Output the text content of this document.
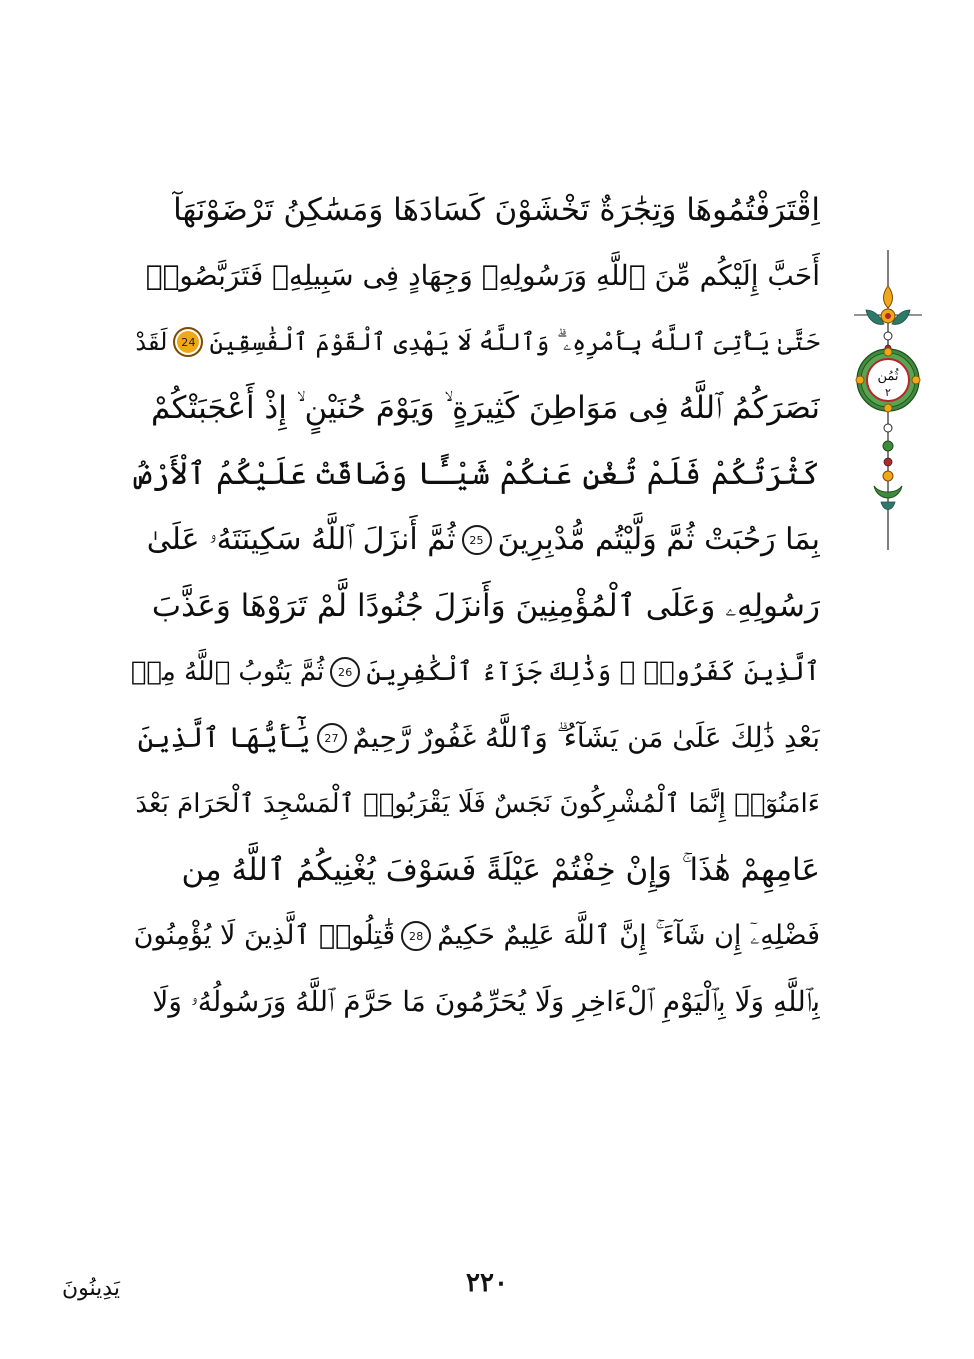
اِقْتَرَفْتُمُوهَا وَتِجَٰرَةٌ تَخْشَوْنَ كَسَادَهَا وَمَسَٰكِنُ تَرْضَوْنَهَآ
أَحَبَّ إِلَيْكُم مِّنَ ٱللَّهِ وَرَسُولِهِۦ وَجِهَادٍ فِى سَبِيلِهِۦ فَتَرَبَّصُوا۟
حَتَّىٰ يَأْتِىَ ٱللَّهُ بِأَمْرِهِۦ ۗ وَٱللَّهُ لَا يَهْدِى ٱلْقَوْمَ ٱلْفَٰسِقِينَ
24
لَقَدْ
نَصَرَكُمُ ٱللَّهُ فِى مَوَاطِنَ كَثِيرَةٍ ۙ وَيَوْمَ حُنَيْنٍ ۙ إِذْ أَعْجَبَتْكُمْ
كَثْرَتُكُمْ فَلَمْ تُغْنِ عَنكُمْ شَيْـًٔا وَضَاقَتْ عَلَيْكُمُ ٱلْأَرْضُ
بِمَا رَحُبَتْ ثُمَّ وَلَّيْتُم مُّدْبِرِينَ
25
ثُمَّ أَنزَلَ ٱللَّهُ سَكِينَتَهُۥ عَلَىٰ
رَسُولِهِۦ وَعَلَى ٱلْمُؤْمِنِينَ وَأَنزَلَ جُنُودًا لَّمْ تَرَوْهَا وَعَذَّبَ
ٱلَّذِينَ كَفَرُوا۟ ۚ وَذَٰلِكَ جَزَآءُ ٱلْكَٰفِرِينَ
26
ثُمَّ يَتُوبُ ٱللَّهُ مِنۢ
بَعْدِ ذَٰلِكَ عَلَىٰ مَن يَشَآءُ ۗ وَٱللَّهُ غَفُورٌ رَّحِيمٌ
27
يَٰٓأَيُّهَا ٱلَّذِينَ
ءَامَنُوٓا۟ إِنَّمَا ٱلْمُشْرِكُونَ نَجَسٌ فَلَا يَقْرَبُوا۟ ٱلْمَسْجِدَ ٱلْحَرَامَ بَعْدَ
عَامِهِمْ هَٰذَا ۚ وَإِنْ خِفْتُمْ عَيْلَةً فَسَوْفَ يُغْنِيكُمُ ٱللَّهُ مِن
فَضْلِهِۦٓ إِن شَآءَ ۚ إِنَّ ٱللَّهَ عَلِيمٌ حَكِيمٌ
28
قَٰتِلُوا۟ ٱلَّذِينَ لَا يُؤْمِنُونَ
بِٱللَّهِ وَلَا بِٱلْيَوْمِ ٱلْءَاخِرِ وَلَا يُحَرِّمُونَ مَا حَرَّمَ ٱللَّهُ وَرَسُولُهُۥ وَلَا
ثُمُن
٢
٢٢٠
يَدِينُونَ
